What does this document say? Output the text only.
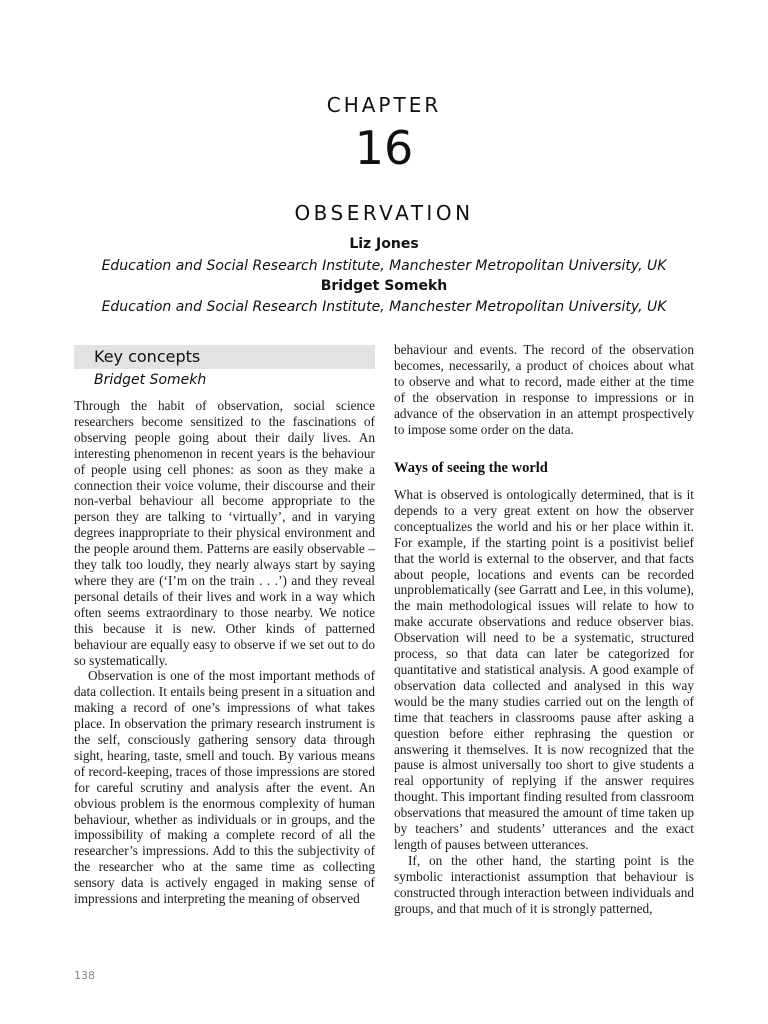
CHAPTER
16
OBSERVATION
Liz Jones
Education and Social Research Institute, Manchester Metropolitan University, UK
Bridget Somekh
Education and Social Research Institute, Manchester Metropolitan University, UK
Key concepts
Bridget Somekh

Through the habit of observation, social science researchers become sensitized to the fascinations of observing people going about their daily lives. An interesting phenomenon in recent years is the behaviour of people using cell phones: as soon as they make a connection their voice volume, their discourse and their non-verbal behaviour all become appropriate to the person they are talking to ‘virtually’, and in varying degrees inappropriate to their physical environment and the people around them. Patterns are easily observable – they talk too loudly, they nearly always start by saying where they are (‘I’m on the train . . .’) and they reveal personal details of their lives and work in a way which often seems extraordinary to those nearby. We notice this because it is new. Other kinds of patterned behaviour are equally easy to observe if we set out to do so systematically.

Observation is one of the most important methods of data collection. It entails being present in a situation and making a record of one’s impressions of what takes place. In observation the primary research instrument is the self, consciously gathering sensory data through sight, hearing, taste, smell and touch. By various means of record-keeping, traces of those impressions are stored for careful scrutiny and analysis after the event. An obvious problem is the enormous complexity of human behaviour, whether as individuals or in groups, and the impossibility of making a complete record of all the researcher’s impressions. Add to this the subjectivity of the researcher who at the same time as collecting sensory data is actively engaged in making sense of impressions and interpreting the meaning of observed

behaviour and events. The record of the observation becomes, necessarily, a product of choices about what to observe and what to record, made either at the time of the observation in response to impressions or in advance of the observation in an attempt prospectively to impose some order on the data.

Ways of seeing the world

What is observed is ontologically determined, that is it depends to a very great extent on how the observer conceptualizes the world and his or her place within it. For example, if the starting point is a positivist belief that the world is external to the observer, and that facts about people, locations and events can be recorded unproblematically (see Garratt and Lee, in this volume), the main methodological issues will relate to how to make accurate observations and reduce observer bias. Observation will need to be a systematic, structured process, so that data can later be categorized for quantitative and statistical analysis. A good example of observation data collected and analysed in this way would be the many studies carried out on the length of time that teachers in classrooms pause after asking a question before either rephrasing the question or answering it themselves. It is now recognized that the pause is almost universally too short to give students a real opportunity of replying if the answer requires thought. This important finding resulted from classroom observations that measured the amount of time taken up by teachers’ and students’ utterances and the exact length of pauses between utterances.

If, on the other hand, the starting point is the symbolic interactionist assumption that behaviour is constructed through interaction between individuals and groups, and that much of it is strongly patterned,

138
